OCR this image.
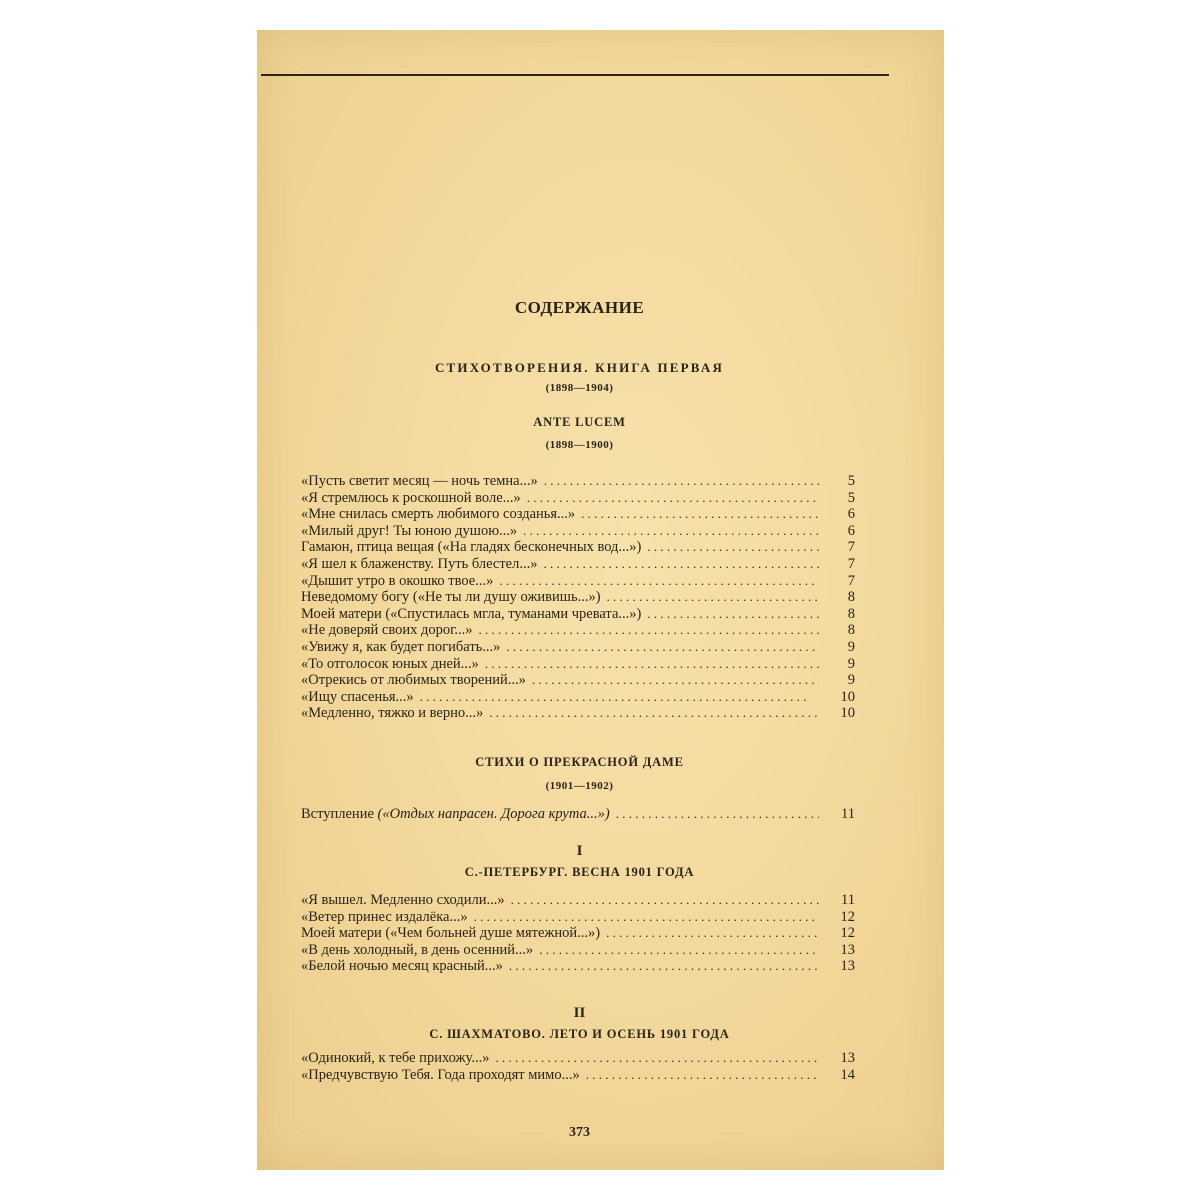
СОДЕРЖАНИЕ
СТИХОТВОРЕНИЯ. КНИГА ПЕРВАЯ
(1898—1904)
ANTE LUCEM
(1898—1900)
«Пусть светит месяц — ночь темна...» . . .	5
«Я стремлюсь к роскошной воле...» . . .	5
«Мне снилась смерть любимого созданья...» . . .	6
«Милый друг! Ты юною душою...» . . .	6
Гамаюн, птица вещая («На гладях бесконечных вод...») . . .	7
«Я шел к блаженству. Путь блестел...» . . .	7
«Дышит утро в окошко твое...» . . .	7
Неведомому богу («Не ты ли душу оживишь...») . . .	8
Моей матери («Спустилась мгла, туманами чревата...») . . .	8
«Не доверяй своих дорог...» . . .	8
«Увижу я, как будет погибать...» . . .	9
«То отголосок юных дней...» . . .	9
«Отрекись от любимых творений...» . . .	9
«Ищу спасенья...» . . .	10
«Медленно, тяжко и верно...» . . .	10
СТИХИ О ПРЕКРАСНОЙ ДАМЕ
(1901—1902)
Вступление («Отдых напрасен. Дорога крута...») . . .	11
I
С.-ПЕТЕРБУРГ. ВЕСНА 1901 ГОДА
«Я вышел. Медленно сходили...» . . .	11
«Ветер принес издалёка...» . . .	12
Моей матери («Чем больней душе мятежной...») . . .	12
«В день холодный, в день осенний...» . . .	13
«Белой ночью месяц красный...» . . .	13
II
С. ШАХМАТОВО. ЛЕТО И ОСЕНЬ 1901 ГОДА
«Одинокий, к тебе прихожу...» . . .	13
«Предчувствую Тебя. Года проходят мимо...» . . .	14
373
